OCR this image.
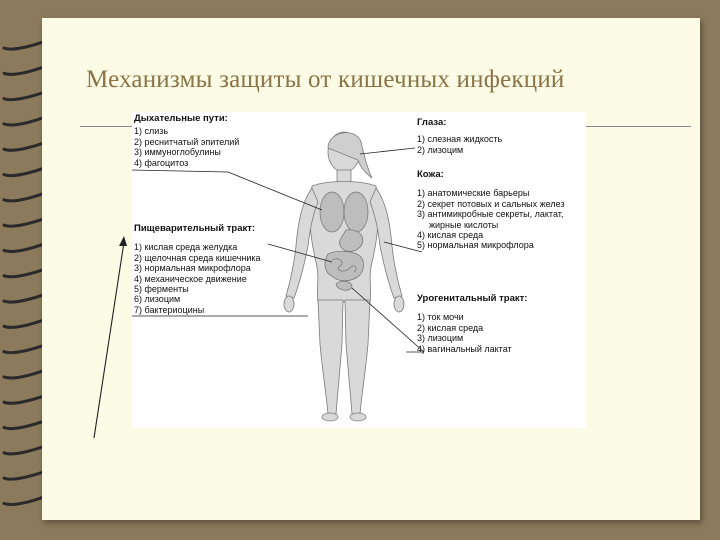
Механизмы защиты от кишечных инфекций
Дыхательные пути:
1) слизь
2) реснитчатый эпителий
3) иммуноглобулины
4) фагоцитоз
Пищеварительный тракт:
1) кислая среда желудка
2) щелочная среда кишечника
3) нормальная микрофлора
4) механическое движение
5) ферменты
6) лизоцим
7) бактериоцины
Глаза:
1) слезная жидкость
2) лизоцим
Кожа:
1) анатомические барьеры
2) секрет потовых и сальных желез
3) антимикробные секреты, лактат,
жирные кислоты
4) кислая среда
5) нормальная микрофлора
Урогенитальный тракт:
1) ток мочи
2) кислая среда
3) лизоцим
4) вагинальный лактат
